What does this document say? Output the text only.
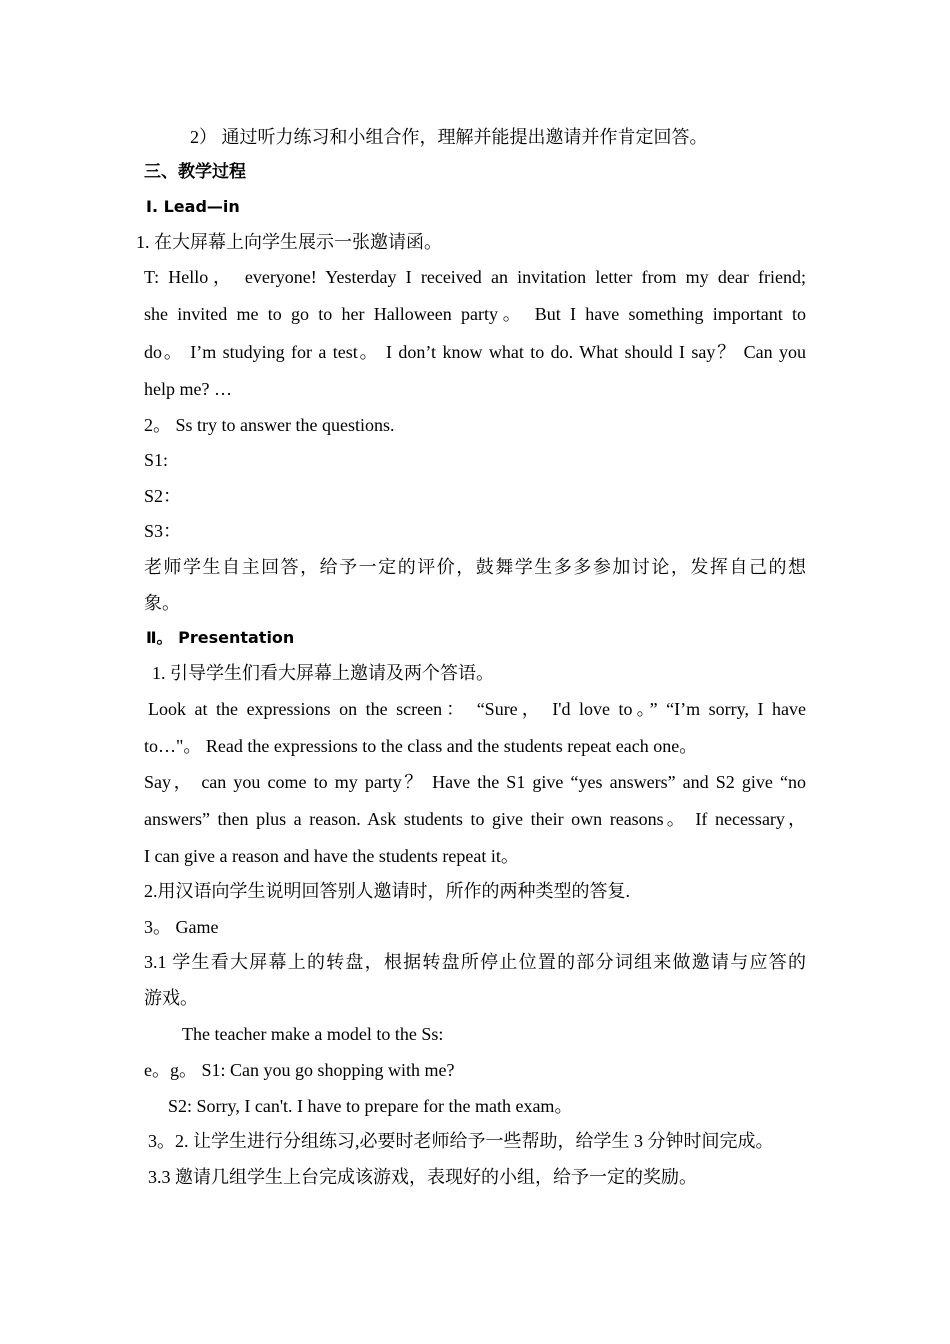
2） 通过听力练习和小组合作，理解并能提出邀请并作肯定回答。
三、教学过程
Ⅰ. Lead—in
1. 在大屏幕上向学生展示一张邀请函。
T: Hello， everyone! Yesterday I received an invitation letter from my dear friend;
she invited me to go to her Halloween party。 But I have something important to
do。 I’m studying for a test。 I don’t know what to do. What should I say？ Can you
help me? …
2。 Ss try to answer the questions.
S1:
S2：
S3：
老师学生自主回答，给予一定的评价，鼓舞学生多多参加讨论，发挥自己的想
象。
Ⅱ。 Presentation
1. 引导学生们看大屏幕上邀请及两个答语。
Look at the expressions on the screen： “Sure， I'd love to。” “I’m sorry, I have
to…"。 Read the expressions to the class and the students repeat each one。
Say， can you come to my party？ Have the S1 give “yes answers” and S2 give “no
answers” then plus a reason. Ask students to give their own reasons。 If necessary，
I can give a reason and have the students repeat it。
2.用汉语向学生说明回答别人邀请时，所作的两种类型的答复.
3。 Game
3.1 学生看大屏幕上的转盘，根据转盘所停止位置的部分词组来做邀请与应答的
游戏。
The teacher make a model to the Ss:
e。g。 S1: Can you go shopping with me?
S2: Sorry, I can't. I have to prepare for the math exam。
3。2. 让学生进行分组练习,必要时老师给予一些帮助，给学生 3 分钟时间完成。
3.3 邀请几组学生上台完成该游戏，表现好的小组，给予一定的奖励。
